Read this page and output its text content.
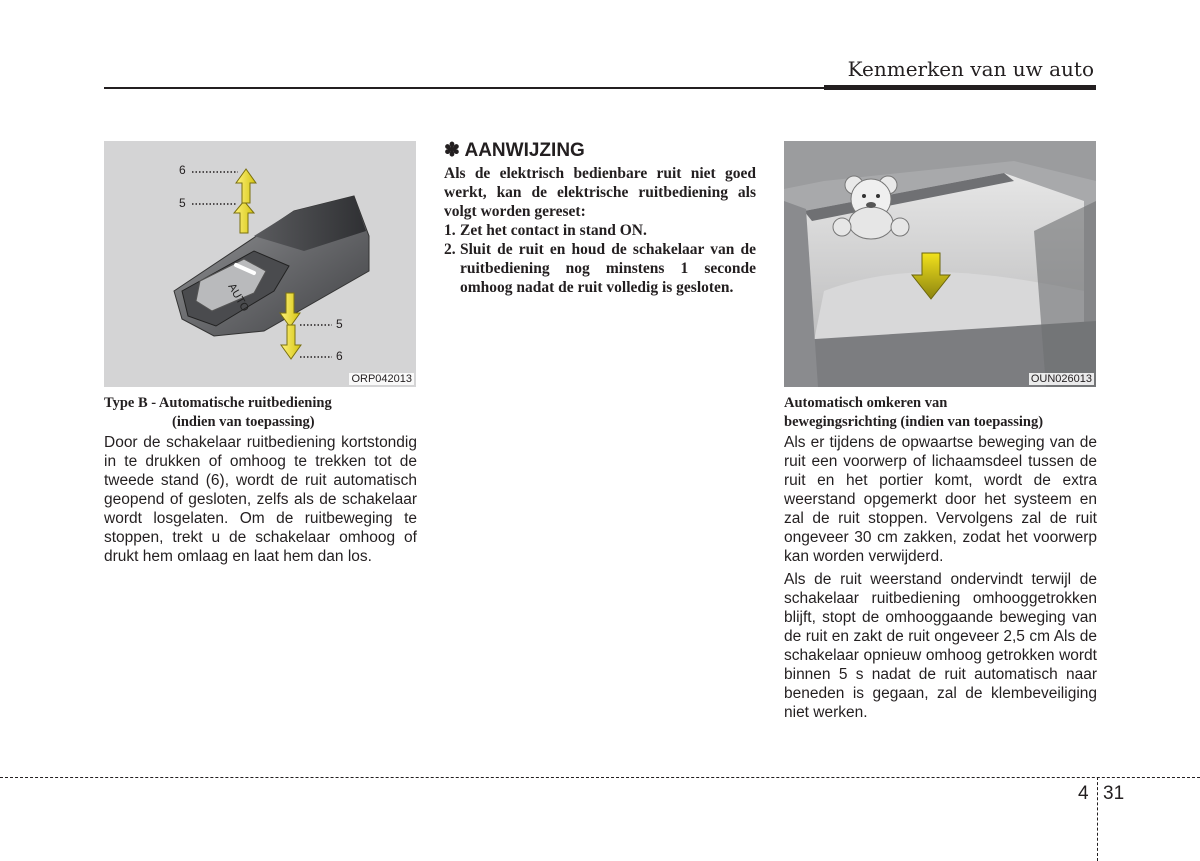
Kenmerken van uw auto
AUTO
6
5
5
6
ORP042013
Type B - Automatische ruitbediening
(indien van toepassing)

Door de schakelaar ruitbediening kortstondig in te drukken of omhoog te trekken tot de tweede stand (6), wordt de ruit automatisch geopend of gesloten, zelfs als de schakelaar wordt losgelaten. Om de ruitbeweging te stoppen, trekt u de schakelaar omhoog of drukt hem omlaag en laat hem dan los.

✽ AANWIJZING

Als de elektrisch bedienbare ruit niet goed werkt, kan de elektrische ruitbediening als volgt worden gereset:

1. Zet het contact in stand ON.
2. Sluit de ruit en houd de schakelaar van de ruitbediening nog minstens 1 seconde omhoog nadat de ruit volledig is gesloten.
OUN026013
Automatisch omkeren van
bewegingsrichting (indien van toepassing)

Als er tijdens de opwaartse beweging van de ruit een voorwerp of lichaamsdeel tussen de ruit en het portier komt, wordt de extra weerstand opgemerkt door het systeem en zal de ruit stoppen. Vervolgens zal de ruit ongeveer 30 cm zakken, zodat het voorwerp kan worden verwijderd.

Als de ruit weerstand ondervindt terwijl de schakelaar ruitbediening omhooggetrokken blijft, stopt de omhooggaande beweging van de ruit en zakt de ruit ongeveer 2,5 cm Als de schakelaar opnieuw omhoog getrokken wordt binnen 5 s nadat de ruit automatisch naar beneden is gegaan, zal de klembeveiliging niet werken.

4 31
